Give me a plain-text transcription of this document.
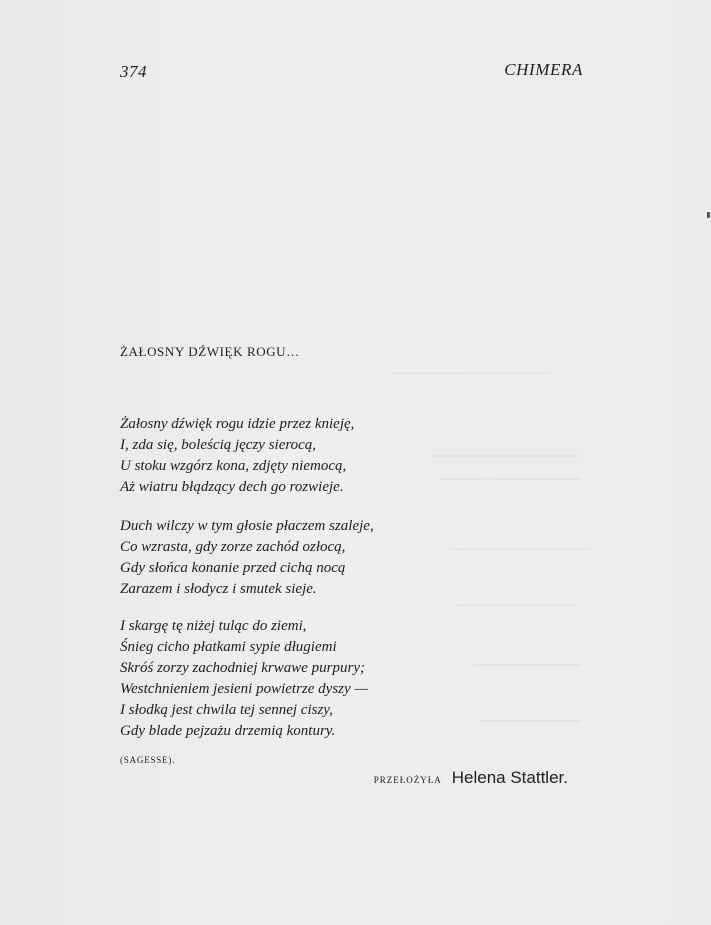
374	CHIMERA
ŻAŁOSNY DŹWIĘK ROGU…
Żałosny dźwięk rogu idzie przez knieję,
I, zda się, boleścią jęczy sierocą,
U stoku wzgórz kona, zdjęty niemocą,
Aż wiatru błądzący dech go rozwieje.
Duch wilczy w tym głosie płaczem szaleje,
Co wzrasta, gdy zorze zachód ozłocą,
Gdy słońca konanie przed cichą nocą
Zarazem i słodycz i smutek sieje.
I skargę tę niżej tuląc do ziemi,
Śnieg cicho płatkami sypie długiemi
Skróś zorzy zachodniej krwawe purpury;
Westchnieniem jesieni powietrze dyszy —
I słodką jest chwila tej sennej ciszy,
Gdy blade pejzażu drzemią kontury.
(SAGESSE).
PRZEŁOŻYŁA Helena Stattler.
